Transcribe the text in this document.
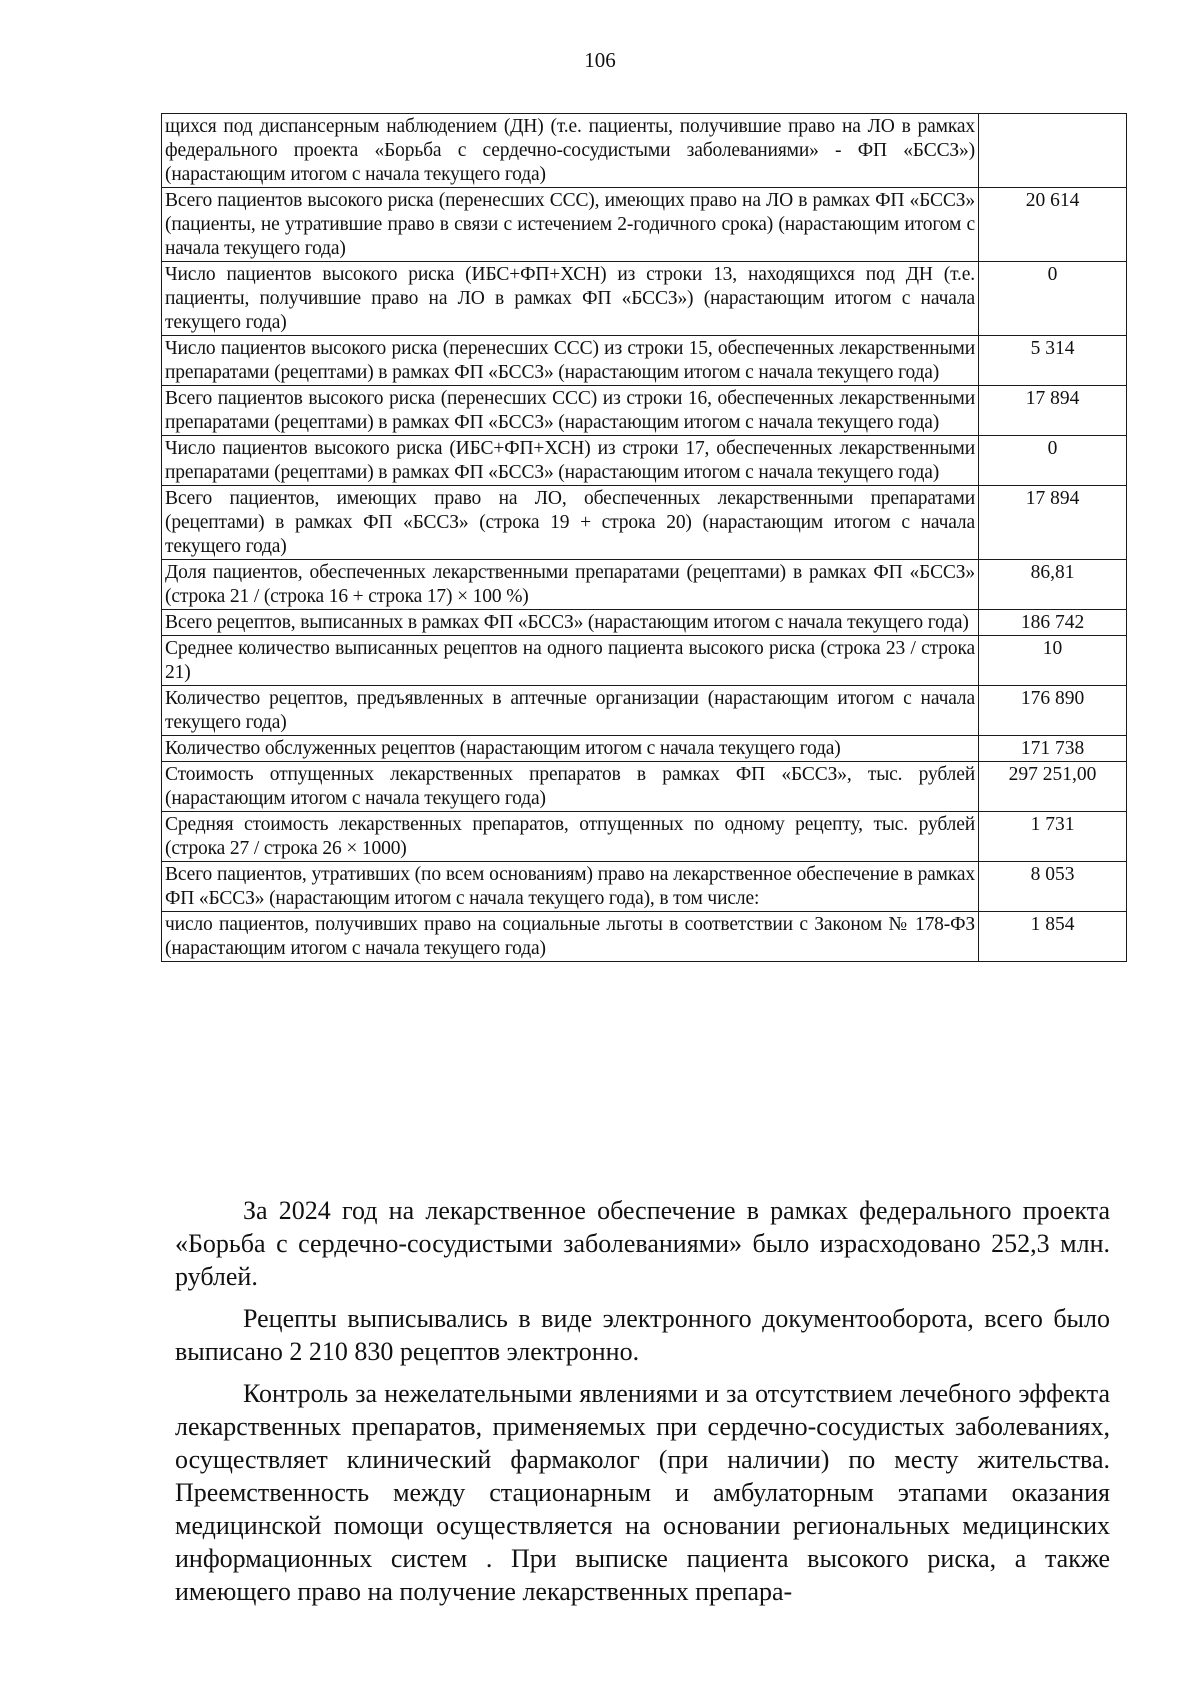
106
щихся под диспансерным наблюдением (ДН) (т.е. пациенты, получившие право на ЛО в рамках федерального проекта «Борьба с сердечно-сосудистыми заболеваниями» - ФП «БССЗ») (нарастающим итогом с начала текущего года)	
Всего пациентов высокого риска (перенесших ССС), имеющих право на ЛО в рамках ФП «БССЗ» (пациенты, не утратившие право в связи с истечением 2-годичного срока) (нарастающим итогом с начала текущего года)	20 614
Число пациентов высокого риска (ИБС+ФП+ХСН) из строки 13, находящихся под ДН (т.е. пациенты, получившие право на ЛО в рамках ФП «БССЗ») (нарастающим итогом с начала текущего года)	0
Число пациентов высокого риска (перенесших ССС) из строки 15, обеспеченных лекарственными препаратами (рецептами) в рамках ФП «БССЗ» (нарастающим итогом с начала текущего года)	5 314
Всего пациентов высокого риска (перенесших ССС) из строки 16, обеспеченных лекарственными препаратами (рецептами) в рамках ФП «БССЗ» (нарастающим итогом с начала текущего года)	17 894
Число пациентов высокого риска (ИБС+ФП+ХСН) из строки 17, обеспеченных лекарственными препаратами (рецептами) в рамках ФП «БССЗ» (нарастающим итогом с начала текущего года)	0
Всего пациентов, имеющих право на ЛО, обеспеченных лекарственными препаратами (рецептами) в рамках ФП «БССЗ» (строка 19 + строка 20) (нарастающим итогом с начала текущего года)	17 894
Доля пациентов, обеспеченных лекарственными препаратами (рецептами) в рамках ФП «БССЗ» (строка 21 / (строка 16 + строка 17) × 100 %)	86,81
Всего рецептов, выписанных в рамках ФП «БССЗ» (нарастающим итогом с начала текущего года)	186 742
Среднее количество выписанных рецептов на одного пациента высокого риска (строка 23 / строка 21)	10
Количество рецептов, предъявленных в аптечные организации (нарастающим итогом с начала текущего года)	176 890
Количество обслуженных рецептов (нарастающим итогом с начала текущего года)	171 738
Стоимость отпущенных лекарственных препаратов в рамках ФП «БССЗ», тыс. рублей (нарастающим итогом с начала текущего года)	297 251,00
Средняя стоимость лекарственных препаратов, отпущенных по одному рецепту, тыс. рублей (строка 27 / строка 26 × 1000)	1 731
Всего пациентов, утративших (по всем основаниям) право на лекарственное обеспечение в рамках ФП «БССЗ» (нарастающим итогом с начала текущего года), в том числе:	8 053
число пациентов, получивших право на социальные льготы в соответствии с Законом № 178-ФЗ (нарастающим итогом с начала текущего года)	1 854

За 2024 год на лекарственное обеспечение в рамках федерального проекта «Борьба с сердечно-сосудистыми заболеваниями» было израсходовано 252,3 млн. рублей.

Рецепты выписывались в виде электронного документооборота, всего было выписано 2 210 830 рецептов электронно.

Контроль за нежелательными явлениями и за отсутствием лечебного эффекта лекарственных препаратов, применяемых при сердечно-сосудистых заболеваниях, осуществляет клинический фармаколог (при наличии) по месту жительства. Преемственность между стационарным и амбулаторным этапами оказания медицинской помощи осуществляется на основании региональных медицинских информационных систем . При выписке пациента высокого риска, а также имеющего право на получение лекарственных препара-
